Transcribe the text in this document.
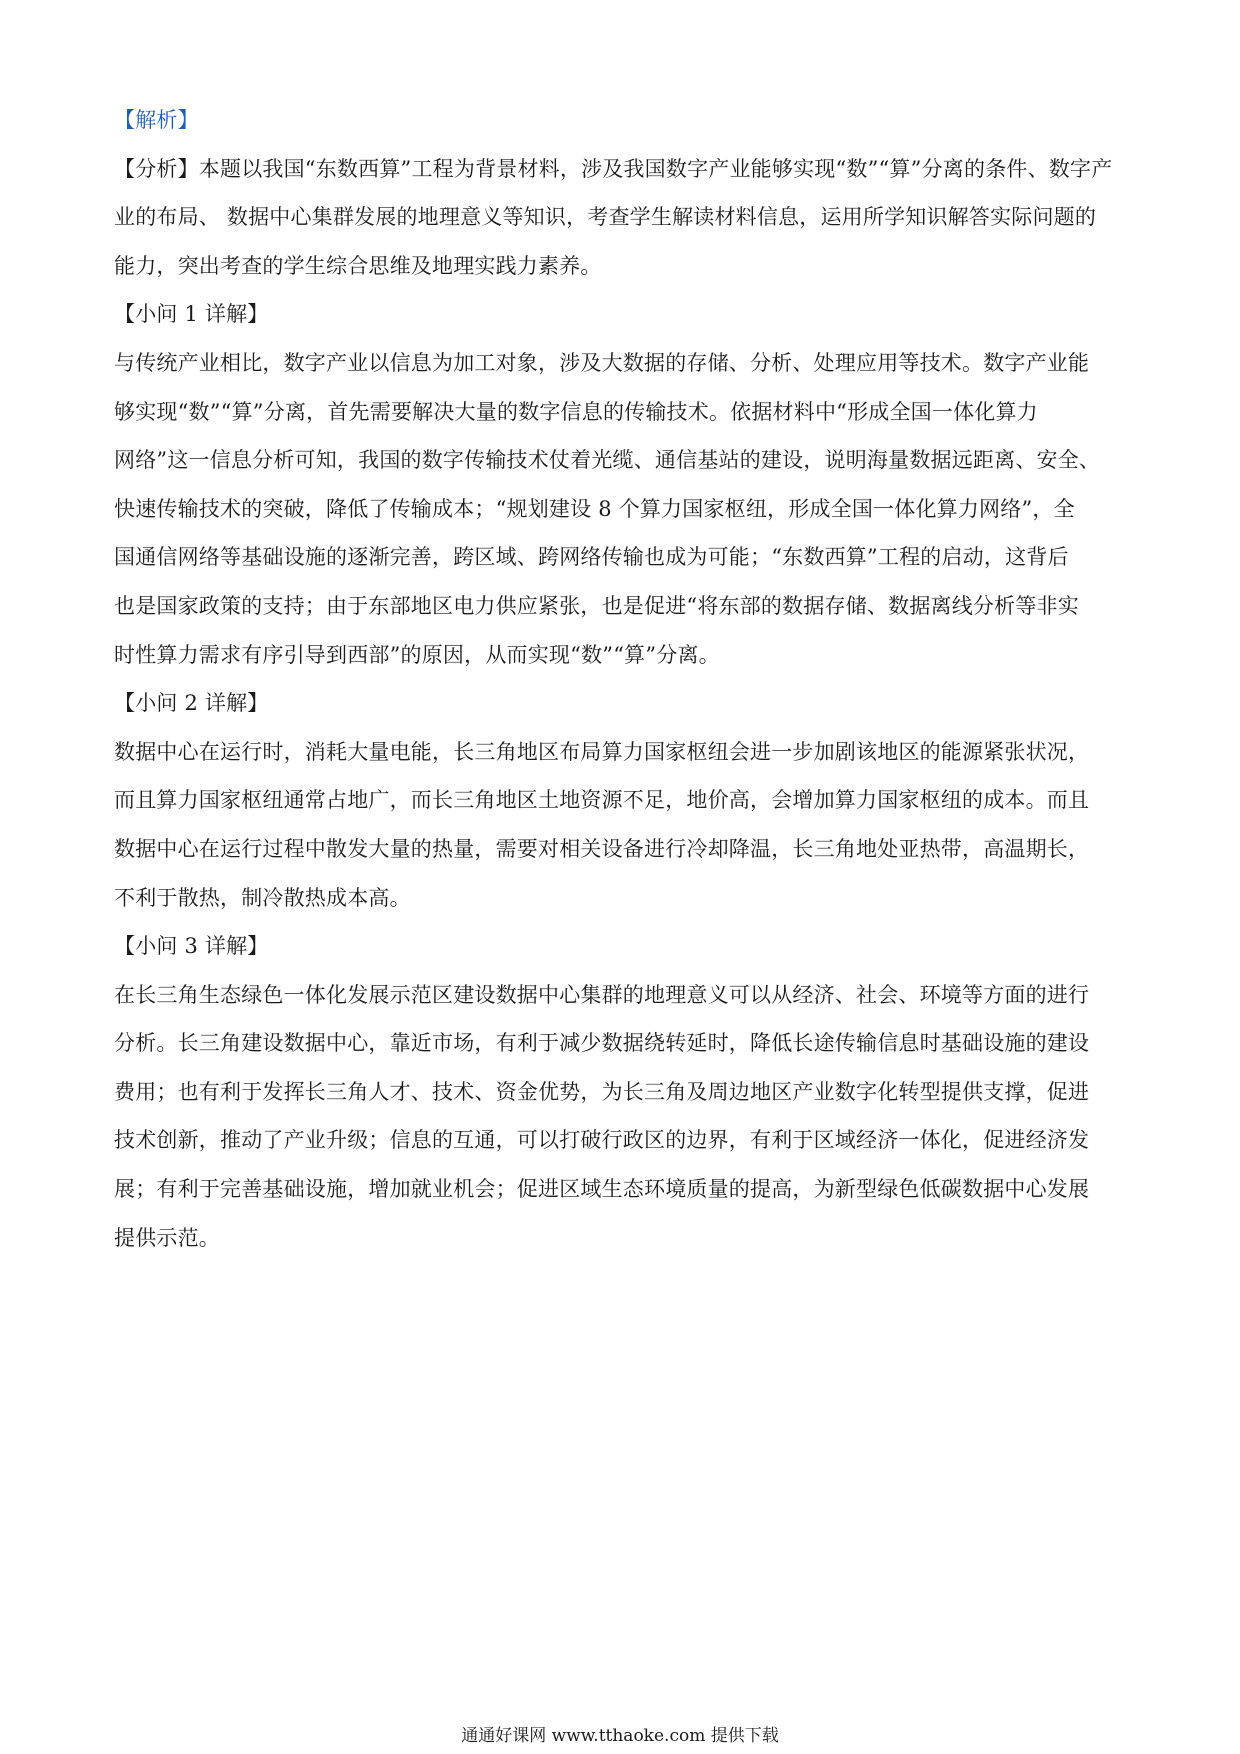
【解析】

【分析】本题以我国“东数西算”工程为背景材料，涉及我国数字产业能够实现“数”“算”分离的条件、数字产

业的布局、 数据中心集群发展的地理意义等知识，考查学生解读材料信息，运用所学知识解答实际问题的

能力，突出考查的学生综合思维及地理实践力素养。

【小问 1 详解】

与传统产业相比，数字产业以信息为加工对象，涉及大数据的存储、分析、处理应用等技术。数字产业能

够实现“数”“算”分离，首先需要解决大量的数字信息的传输技术。依据材料中“形成全国一体化算力

网络”这一信息分析可知，我国的数字传输技术仗着光缆、通信基站的建设，说明海量数据远距离、安全、

快速传输技术的突破，降低了传输成本；“规划建设 8 个算力国家枢纽，形成全国一体化算力网络”，全

国通信网络等基础设施的逐渐完善，跨区域、跨网络传输也成为可能；“东数西算”工程的启动，这背后

也是国家政策的支持；由于东部地区电力供应紧张，也是促进“将东部的数据存储、数据离线分析等非实

时性算力需求有序引导到西部”的原因，从而实现“数”“算”分离。

【小问 2 详解】

数据中心在运行时，消耗大量电能，长三角地区布局算力国家枢纽会进一步加剧该地区的能源紧张状况，

而且算力国家枢纽通常占地广，而长三角地区土地资源不足，地价高，会增加算力国家枢纽的成本。而且

数据中心在运行过程中散发大量的热量，需要对相关设备进行冷却降温，长三角地处亚热带，高温期长，

不利于散热，制冷散热成本高。

【小问 3 详解】

在长三角生态绿色一体化发展示范区建设数据中心集群的地理意义可以从经济、社会、环境等方面的进行

分析。长三角建设数据中心，靠近市场，有利于减少数据绕转延时，降低长途传输信息时基础设施的建设

费用；也有利于发挥长三角人才、技术、资金优势，为长三角及周边地区产业数字化转型提供支撑，促进

技术创新，推动了产业升级；信息的互通，可以打破行政区的边界，有利于区域经济一体化，促进经济发

展；有利于完善基础设施，增加就业机会；促进区域生态环境质量的提高，为新型绿色低碳数据中心发展

提供示范。

通通好课网 www.tthaoke.com 提供下载
